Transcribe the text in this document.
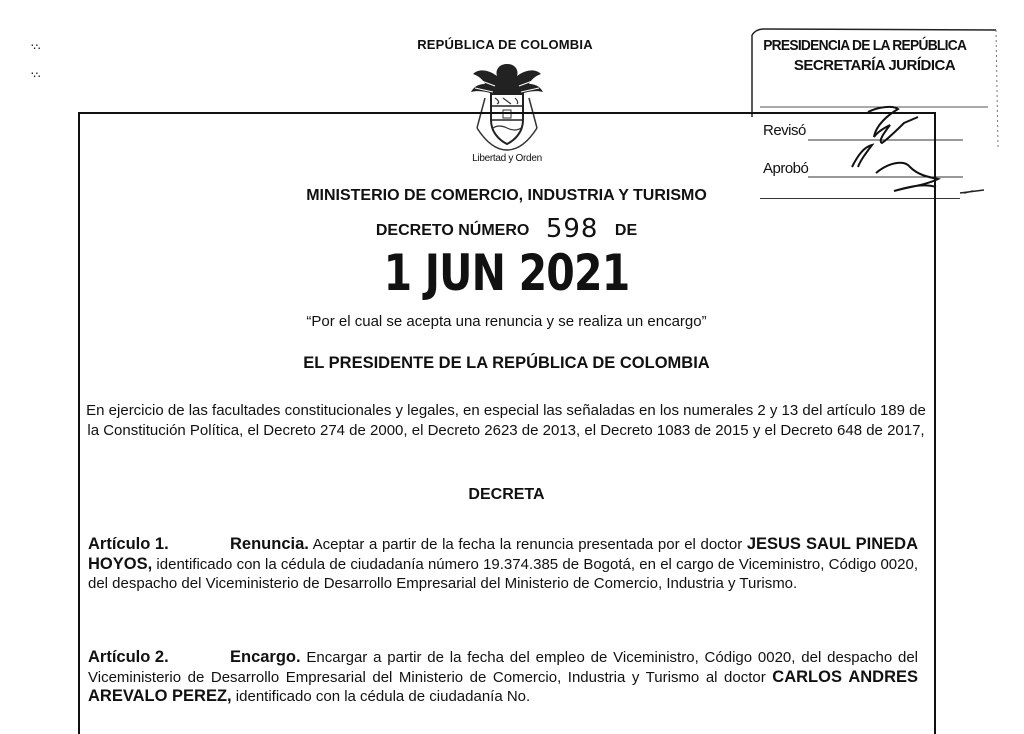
·.·.
·.·.
REPÚBLICA DE COLOMBIA
Libertad y Orden
PRESIDENCIA DE LA REPÚBLICA
SECRETARÍA JURÍDICA
Revisó
Aprobó
MINISTERIO DE COMERCIO, INDUSTRIA Y TURISMO
DECRETO NÚMERO 598 DE
1 JUN 2021
“Por el cual se acepta una renuncia y se realiza un encargo”
EL PRESIDENTE DE LA REPÚBLICA DE COLOMBIA
En ejercicio de las facultades constitucionales y legales, en especial las señaladas en los numerales 2 y 13 del artículo 189 de la Constitución Política, el Decreto 274 de 2000, el Decreto 2623 de 2013, el Decreto 1083 de 2015 y el Decreto 648 de 2017,
DECRETA
Artículo 1.	Renuncia. Aceptar a partir de la fecha la renuncia presentada por el doctor JESUS SAUL PINEDA HOYOS, identificado con la cédula de ciudadanía número 19.374.385 de Bogotá, en el cargo de Viceministro, Código 0020, del despacho del Viceministerio de Desarrollo Empresarial del Ministerio de Comercio, Industria y Turismo.
Artículo 2.	Encargo. Encargar a partir de la fecha del empleo de Viceministro, Código 0020, del despacho del Viceministerio de Desarrollo Empresarial del Ministerio de Comercio, Industria y Turismo al doctor CARLOS ANDRES AREVALO PEREZ, identificado con la cédula de ciudadanía No.
